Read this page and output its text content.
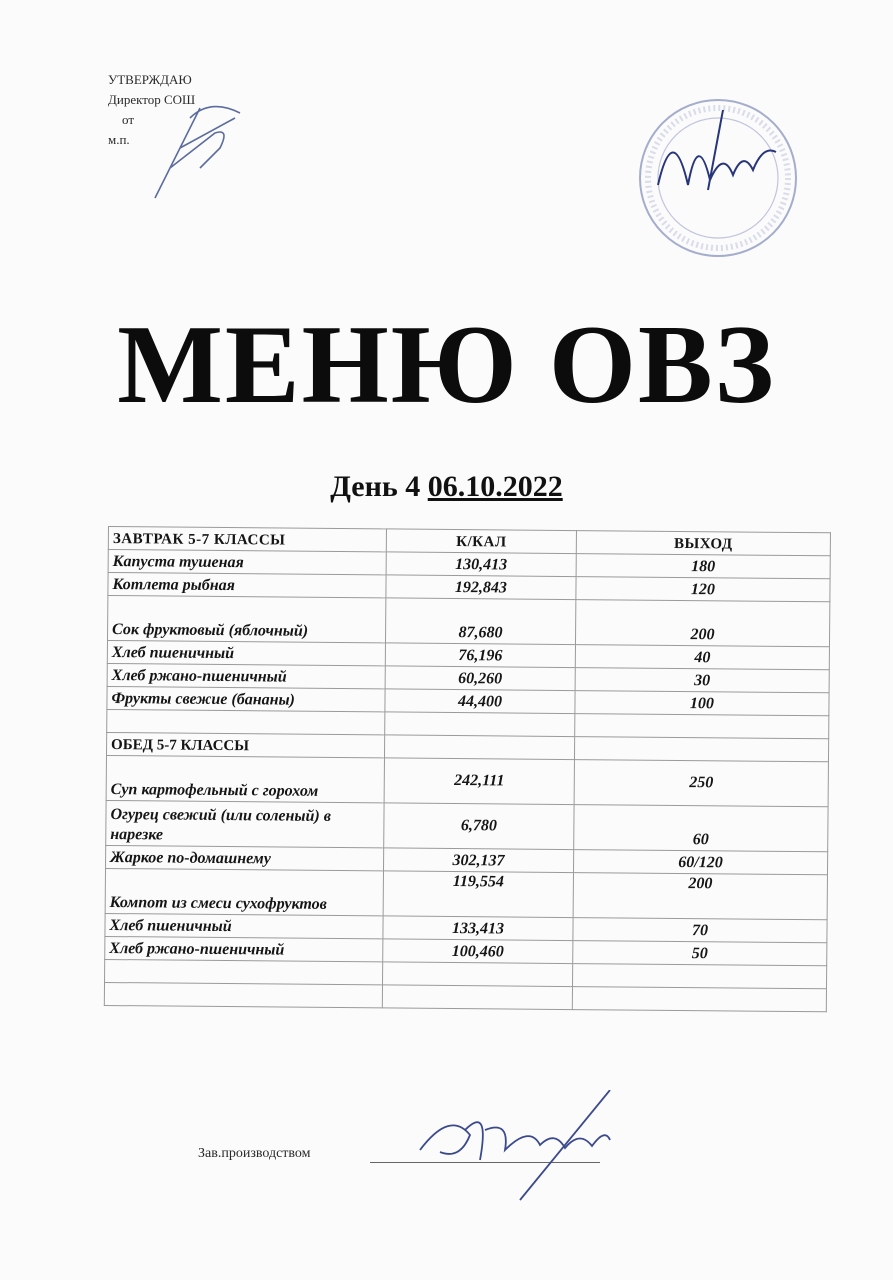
УТВЕРЖДАЮ
Директор СОШ
от
м.п.
МЕНЮ ОВЗ
День 4 06.10.2022
ЗАВТРАК 5-7 КЛАССЫ	К/КАЛ	ВЫХОД
Капуста тушеная	130,413	180
Котлета рыбная	192,843	120
Сок фруктовый (яблочный)	87,680	200
Хлеб пшеничный	76,196	40
Хлеб ржано-пшеничный	60,260	30
Фрукты свежие (бананы)	44,400	100

ОБЕД 5-7 КЛАССЫ		
Суп картофельный с горохом	242,111	250
Огурец свежий (или соленый) в нарезке	6,780	60
Жаркое по-домашнему	302,137	60/120
Компот из смеси сухофруктов	119,554	200
Хлеб пшеничный	133,413	70
Хлеб ржано-пшеничный	100,460	50

Зав.производством
